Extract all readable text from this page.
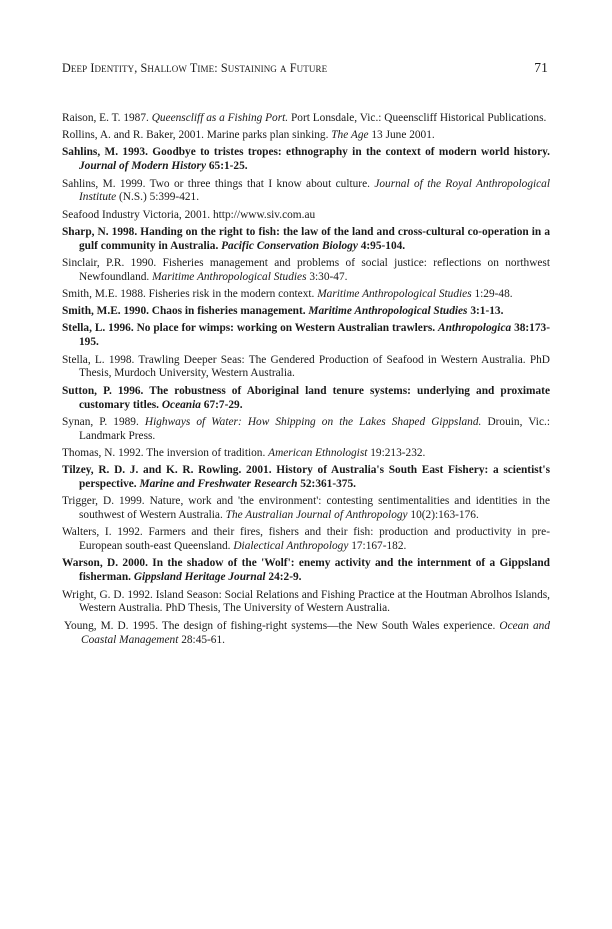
Deep Identity, Shallow Time: Sustaining a Future	71
Raison, E. T. 1987. Queenscliff as a Fishing Port. Port Lonsdale, Vic.: Queenscliff Historical Publications.
Rollins, A. and R. Baker, 2001. Marine parks plan sinking. The Age 13 June 2001.
Sahlins, M. 1993. Goodbye to tristes tropes: ethnography in the context of modern world history. Journal of Modern History 65:1-25.
Sahlins, M. 1999. Two or three things that I know about culture. Journal of the Royal Anthropological Institute (N.S.) 5:399-421.
Seafood Industry Victoria, 2001. http://www.siv.com.au
Sharp, N. 1998. Handing on the right to fish: the law of the land and cross-cultural co-operation in a gulf community in Australia. Pacific Conservation Biology 4:95-104.
Sinclair, P.R. 1990. Fisheries management and problems of social justice: reflections on northwest Newfoundland. Maritime Anthropological Studies 3:30-47.
Smith, M.E. 1988. Fisheries risk in the modern context. Maritime Anthropological Studies 1:29-48.
Smith, M.E. 1990. Chaos in fisheries management. Maritime Anthropological Studies 3:1-13.
Stella, L. 1996. No place for wimps: working on Western Australian trawlers. Anthropologica 38:173-195.
Stella, L. 1998. Trawling Deeper Seas: The Gendered Production of Seafood in Western Australia. PhD Thesis, Murdoch University, Western Australia.
Sutton, P. 1996. The robustness of Aboriginal land tenure systems: underlying and proximate customary titles. Oceania 67:7-29.
Synan, P. 1989. Highways of Water: How Shipping on the Lakes Shaped Gippsland. Drouin, Vic.: Landmark Press.
Thomas, N. 1992. The inversion of tradition. American Ethnologist 19:213-232.
Tilzey, R. D. J. and K. R. Rowling. 2001. History of Australia's South East Fishery: a scientist's perspective. Marine and Freshwater Research 52:361-375.
Trigger, D. 1999. Nature, work and 'the environment': contesting sentimentalities and identities in the southwest of Western Australia. The Australian Journal of Anthropology 10(2):163-176.
Walters, I. 1992. Farmers and their fires, fishers and their fish: production and productivity in pre-European south-east Queensland. Dialectical Anthropology 17:167-182.
Warson, D. 2000. In the shadow of the 'Wolf': enemy activity and the internment of a Gippsland fisherman. Gippsland Heritage Journal 24:2-9.
Wright, G. D. 1992. Island Season: Social Relations and Fishing Practice at the Houtman Abrolhos Islands, Western Australia. PhD Thesis, The University of Western Australia.
Young, M. D. 1995. The design of fishing-right systems—the New South Wales experience. Ocean and Coastal Management 28:45-61.
